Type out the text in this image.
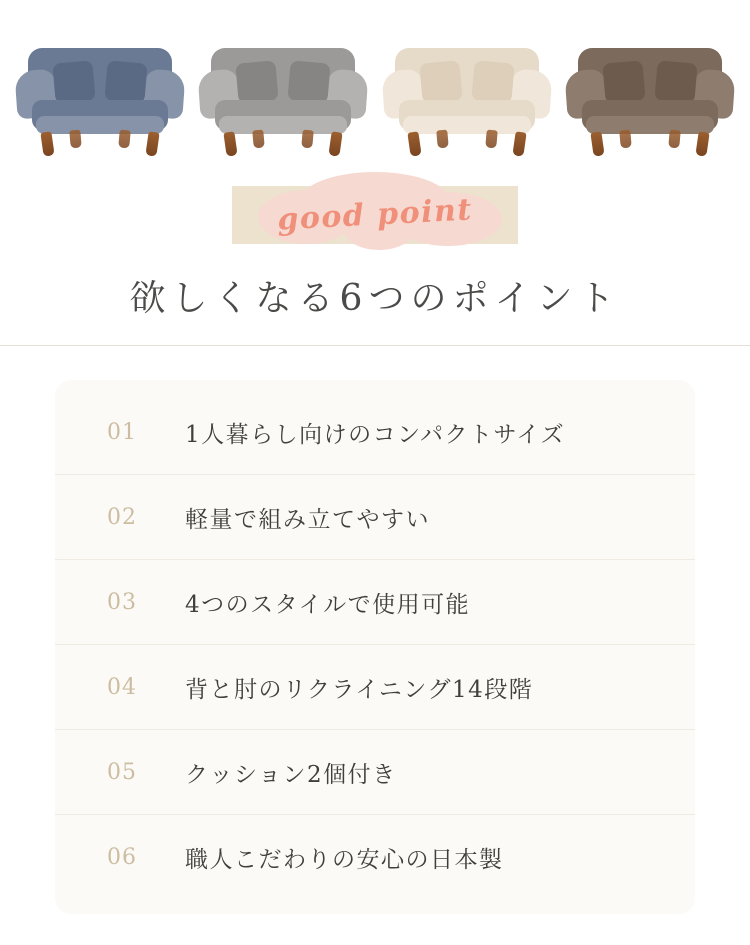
good point
欲しくなる6つのポイント
01	1人暮らし向けのコンパクトサイズ
02	軽量で組み立てやすい
03	4つのスタイルで使用可能
04	背と肘のリクライニング14段階
05	クッション2個付き
06	職人こだわりの安心の日本製
